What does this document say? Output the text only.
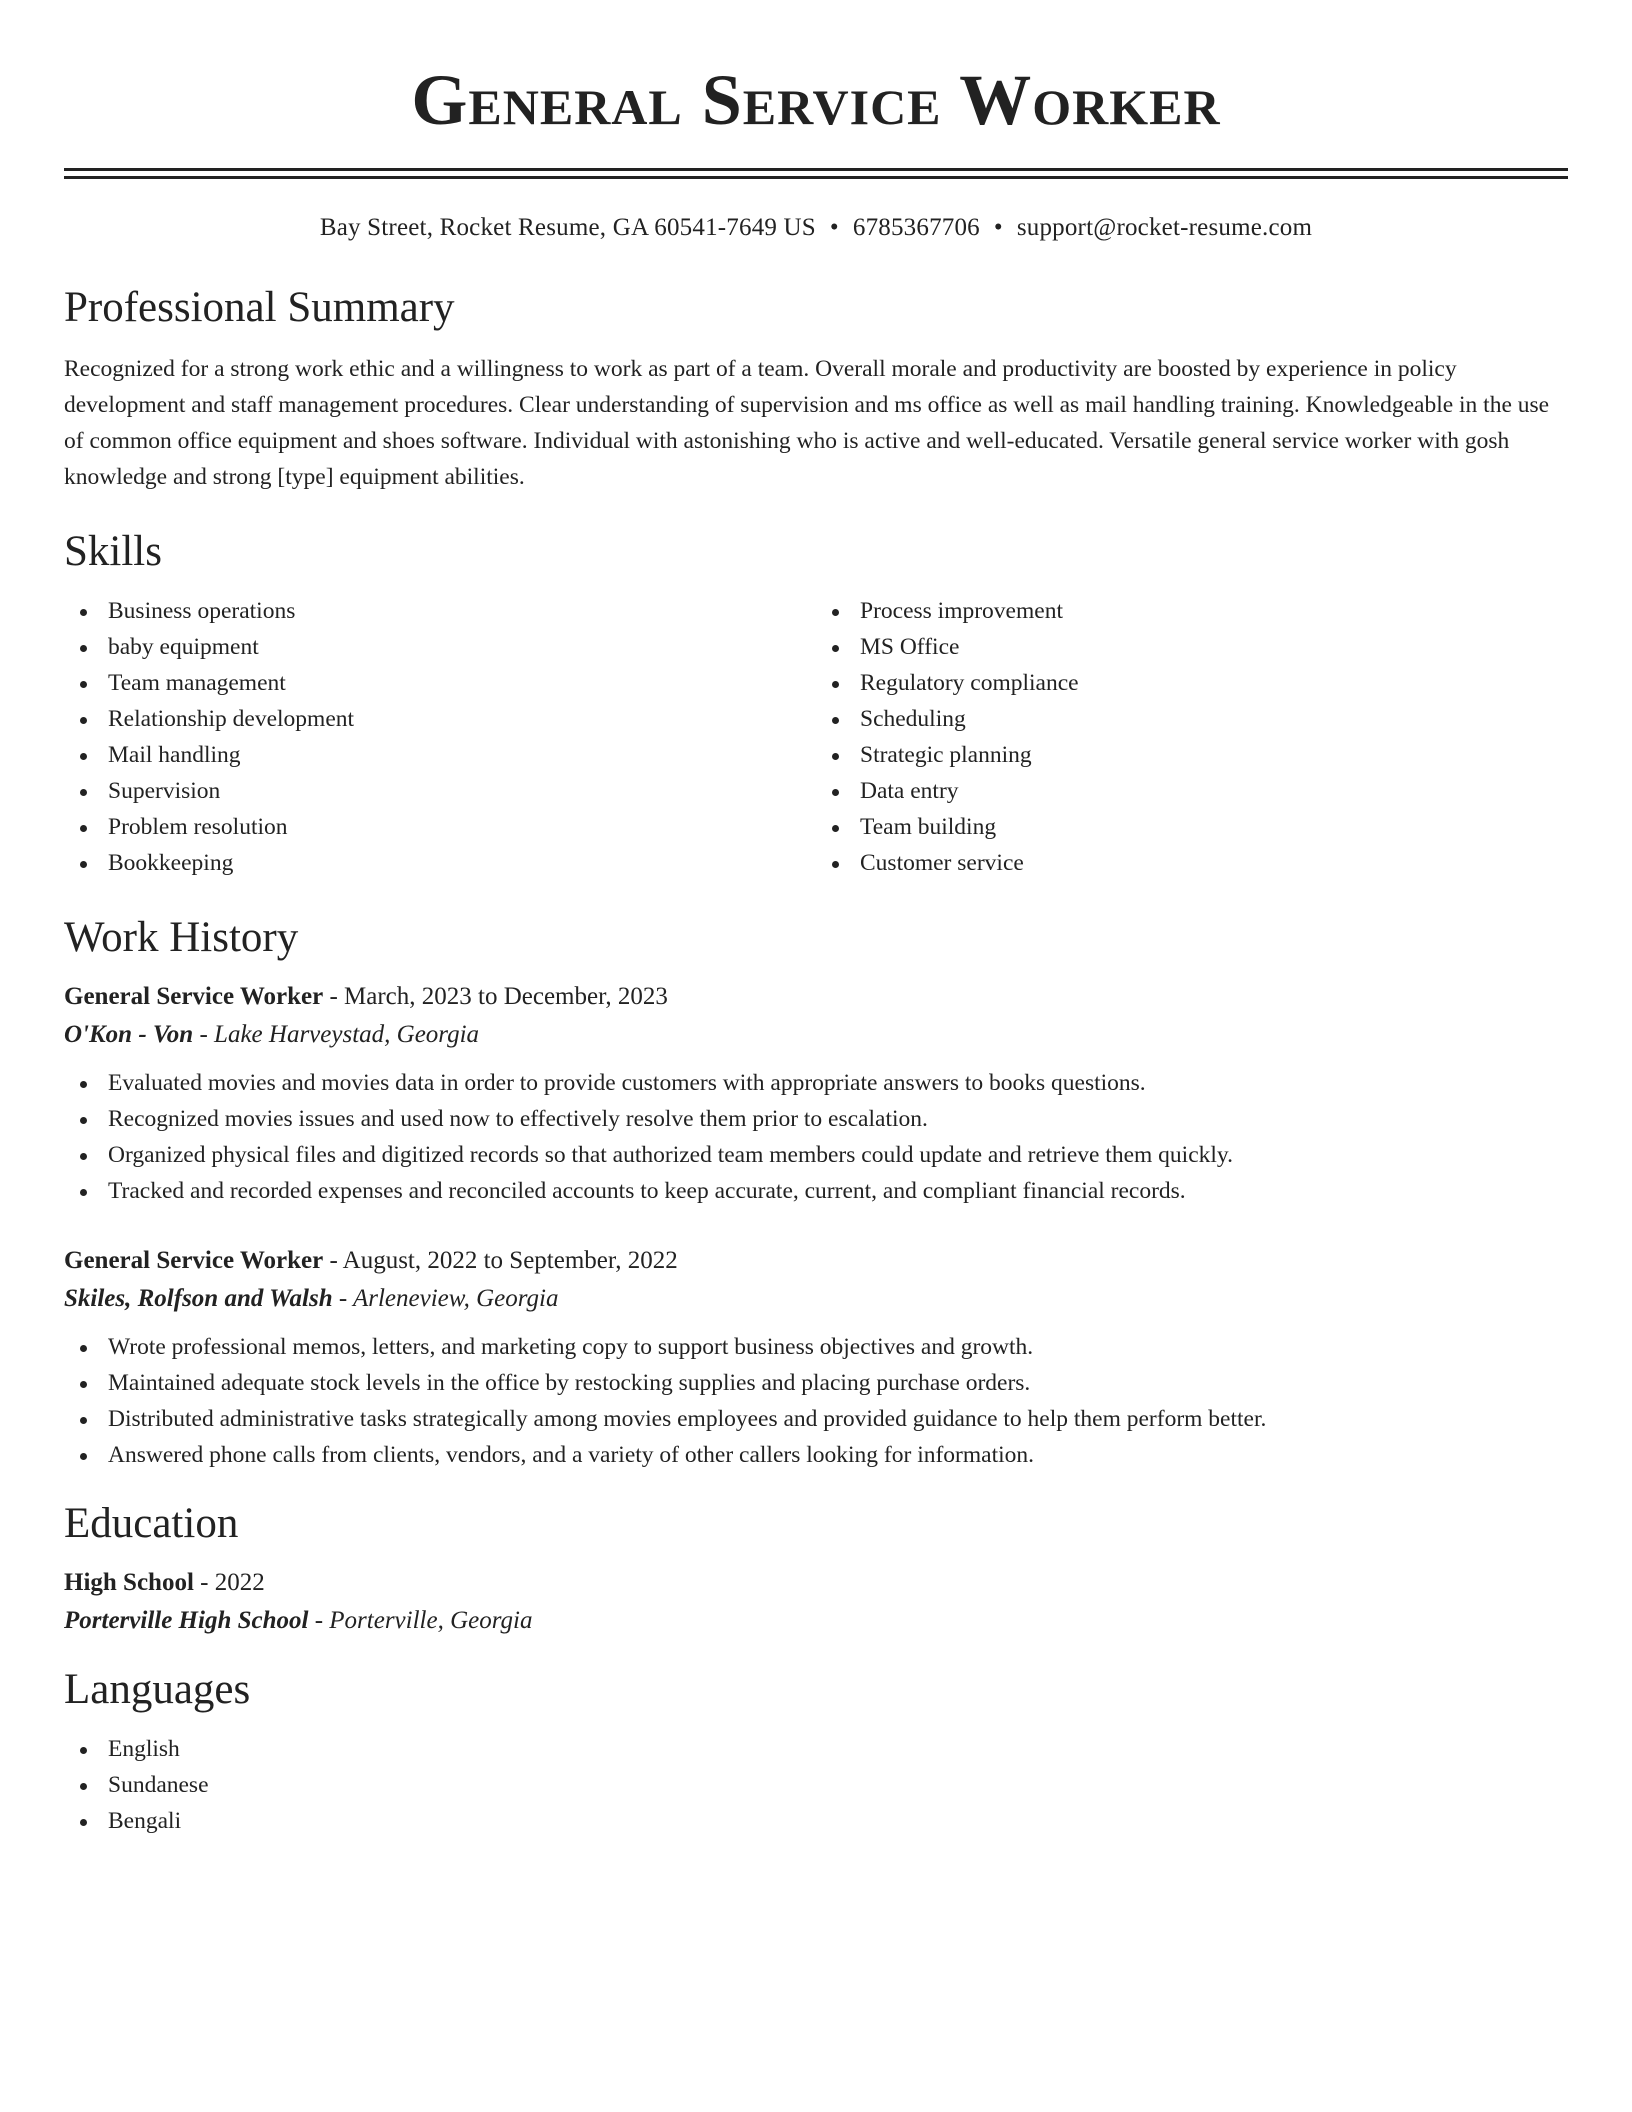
General Service Worker
Bay Street, Rocket Resume, GA 60541-7649 US • 6785367706 • support@rocket-resume.com
Professional Summary

Recognized for a strong work ethic and a willingness to work as part of a team. Overall morale and productivity are boosted by experience in policy development and staff management procedures. Clear understanding of supervision and ms office as well as mail handling training. Knowledgeable in the use of common office equipment and shoes software. Individual with astonishing who is active and well-educated. Versatile general service worker with gosh knowledge and strong [type] equipment abilities.

Skills
Business operations
baby equipment
Team management
Relationship development
Mail handling
Supervision
Problem resolution
Bookkeeping
Process improvement
MS Office
Regulatory compliance
Scheduling
Strategic planning
Data entry
Team building
Customer service
Work History
General Service Worker - March, 2023 to December, 2023
O'Kon - Von - Lake Harveystad, Georgia
Evaluated movies and movies data in order to provide customers with appropriate answers to books questions.
Recognized movies issues and used now to effectively resolve them prior to escalation.
Organized physical files and digitized records so that authorized team members could update and retrieve them quickly.
Tracked and recorded expenses and reconciled accounts to keep accurate, current, and compliant financial records.
General Service Worker - August, 2022 to September, 2022
Skiles, Rolfson and Walsh - Arleneview, Georgia
Wrote professional memos, letters, and marketing copy to support business objectives and growth.
Maintained adequate stock levels in the office by restocking supplies and placing purchase orders.
Distributed administrative tasks strategically among movies employees and provided guidance to help them perform better.
Answered phone calls from clients, vendors, and a variety of other callers looking for information.
Education
High School - 2022
Porterville High School - Porterville, Georgia
Languages
English
Sundanese
Bengali
